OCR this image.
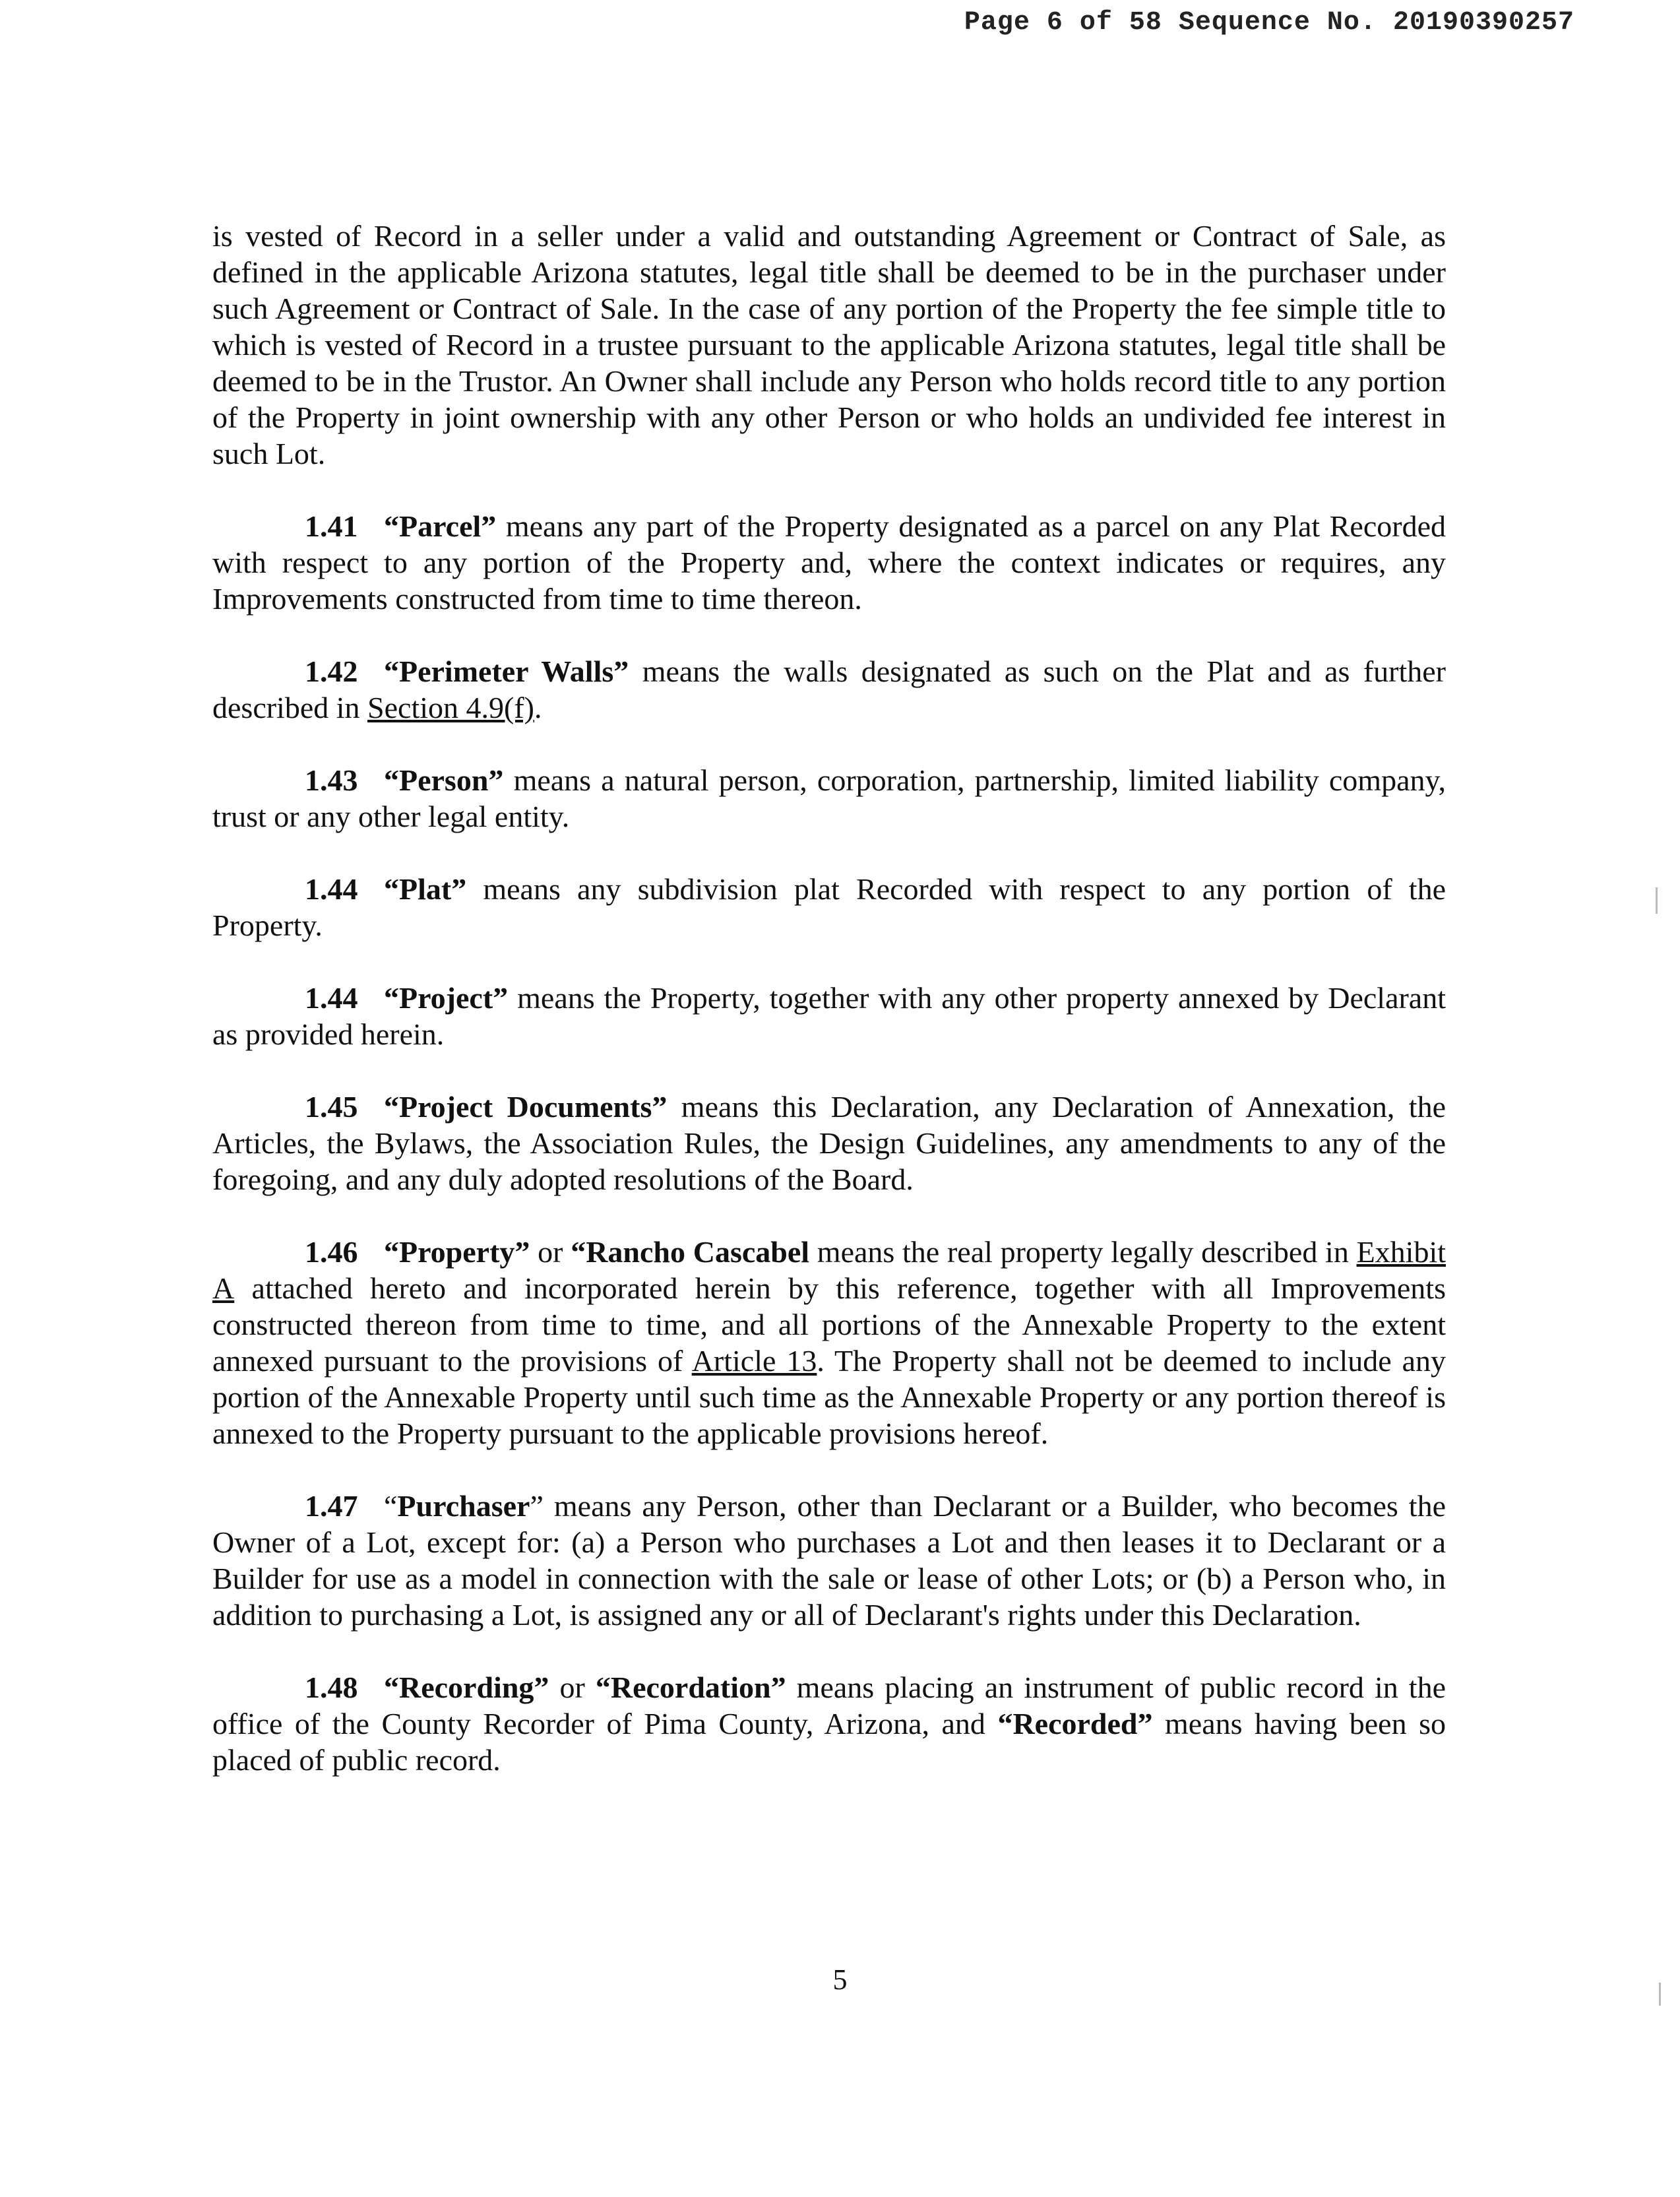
Page 6 of 58 Sequence No. 20190390257

is vested of Record in a seller under a valid and outstanding Agreement or Contract of Sale, as defined in the applicable Arizona statutes, legal title shall be deemed to be in the purchaser under such Agreement or Contract of Sale. In the case of any portion of the Property the fee simple title to which is vested of Record in a trustee pursuant to the applicable Arizona statutes, legal title shall be deemed to be in the Trustor. An Owner shall include any Person who holds record title to any portion of the Property in joint ownership with any other Person or who holds an undivided fee interest in such Lot.

1.41 “Parcel” means any part of the Property designated as a parcel on any Plat Recorded with respect to any portion of the Property and, where the context indicates or requires, any Improvements constructed from time to time thereon.

1.42 “Perimeter Walls” means the walls designated as such on the Plat and as further described in Section 4.9(f).

1.43 “Person” means a natural person, corporation, partnership, limited liability company, trust or any other legal entity.

1.44 “Plat” means any subdivision plat Recorded with respect to any portion of the Property.

1.44 “Project” means the Property, together with any other property annexed by Declarant as provided herein.

1.45 “Project Documents” means this Declaration, any Declaration of Annexation, the Articles, the Bylaws, the Association Rules, the Design Guidelines, any amendments to any of the foregoing, and any duly adopted resolutions of the Board.

1.46 “Property” or “Rancho Cascabel means the real property legally described in Exhibit A attached hereto and incorporated herein by this reference, together with all Improvements constructed thereon from time to time, and all portions of the Annexable Property to the extent annexed pursuant to the provisions of Article 13. The Property shall not be deemed to include any portion of the Annexable Property until such time as the Annexable Property or any portion thereof is annexed to the Property pursuant to the applicable provisions hereof.

1.47 “Purchaser” means any Person, other than Declarant or a Builder, who becomes the Owner of a Lot, except for: (a) a Person who purchases a Lot and then leases it to Declarant or a Builder for use as a model in connection with the sale or lease of other Lots; or (b) a Person who, in addition to purchasing a Lot, is assigned any or all of Declarant's rights under this Declaration.

1.48 “Recording” or “Recordation” means placing an instrument of public record in the office of the County Recorder of Pima County, Arizona, and “Recorded” means having been so placed of public record.

5
